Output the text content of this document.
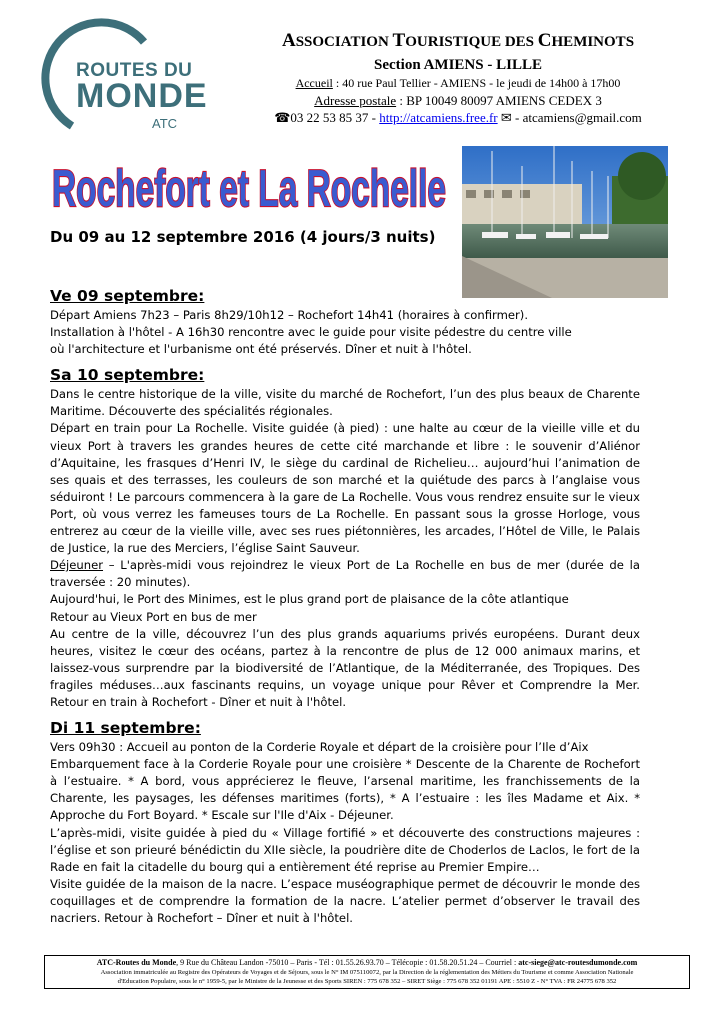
ROUTES DU
MONDE
ATC
ASSOCIATION TOURISTIQUE DES CHEMINOTS
Section AMIENS - LILLE
Accueil : 40 rue Paul Tellier - AMIENS - le jeudi de 14h00 à 17h00
Adresse postale : BP 10049 80097 AMIENS CEDEX 3
☎03 22 53 85 37 - http://atcamiens.free.fr ✉ - atcamiens@gmail.com
Rochefort et La Rochelle
Du 09 au 12 septembre 2016 (4 jours/3 nuits)
Ve 09 septembre:

Départ Amiens 7h23 – Paris 8h29/10h12 – Rochefort 14h41 (horaires à confirmer).

Installation à l'hôtel - A 16h30 rencontre avec le guide pour visite pédestre du centre ville

où l'architecture et l'urbanisme ont été préservés. Dîner et nuit à l'hôtel.

Sa 10 septembre:

Dans le centre historique de la ville, visite du marché de Rochefort, l’un des plus beaux de Charente Maritime. Découverte des spécialités régionales.

Départ en train pour La Rochelle. Visite guidée (à pied) : une halte au cœur de la vieille ville et du vieux Port à travers les grandes heures de cette cité marchande et libre : le souvenir d’Aliénor d’Aquitaine, les frasques d’Henri IV, le siège du cardinal de Richelieu… aujourd’hui l’animation de ses quais et des terrasses, les couleurs de son marché et la quiétude des parcs à l’anglaise vous séduiront ! Le parcours commencera à la gare de La Rochelle. Vous vous rendrez ensuite sur le vieux Port, où vous verrez les fameuses tours de La Rochelle. En passant sous la grosse Horloge, vous entrerez au cœur de la vieille ville, avec ses rues piétonnières, les arcades, l’Hôtel de Ville, le Palais de Justice, la rue des Merciers, l’église Saint Sauveur.

Déjeuner – L'après-midi vous rejoindrez le vieux Port de La Rochelle en bus de mer (durée de la traversée : 20 minutes).

Aujourd'hui, le Port des Minimes, est le plus grand port de plaisance de la côte atlantique

Retour au Vieux Port en bus de mer

Au centre de la ville, découvrez l’un des plus grands aquariums privés européens. Durant deux heures, visitez le cœur des océans, partez à la rencontre de plus de 12 000 animaux marins, et laissez-vous surprendre par la biodiversité de l’Atlantique, de la Méditerranée, des Tropiques. Des fragiles méduses…aux fascinants requins, un voyage unique pour Rêver et Comprendre la Mer. Retour en train à Rochefort - Dîner et nuit à l'hôtel.

Di 11 septembre:

Vers 09h30 : Accueil au ponton de la Corderie Royale et départ de la croisière pour l’Ile d’Aix

Embarquement face à la Corderie Royale pour une croisière * Descente de la Charente de Rochefort à l’estuaire. * A bord, vous apprécierez le fleuve, l’arsenal maritime, les franchissements de la Charente, les paysages, les défenses maritimes (forts), * A l’estuaire : les îles Madame et Aix. * Approche du Fort Boyard. * Escale sur l'Ile d'Aix - Déjeuner.

L’après-midi, visite guidée à pied du « Village fortifié » et découverte des constructions majeures : l’église et son prieuré bénédictin du XIIe siècle, la poudrière dite de Choderlos de Laclos, le fort de la Rade en fait la citadelle du bourg qui a entièrement été reprise au Premier Empire…

Visite guidée de la maison de la nacre. L’espace muséographique permet de découvrir le monde des coquillages et de comprendre la formation de la nacre. L’atelier permet d’observer le travail des nacriers. Retour à Rochefort – Dîner et nuit à l'hôtel.

ATC-Routes du Monde, 9 Rue du Château Landon -75010 – Paris - Tél : 01.55.26.93.70 – Télécopie : 01.58.20.51.24 – Courriel : atc-siege@atc-routesdumonde.com
Association immatriculée au Registre des Opérateurs de Voyages et de Séjours, sous le N° IM 075110072, par la Direction de la réglementation des Métiers du Tourisme et comme Association Nationale
d'Education Populaire, sous le n° 1959-5, par le Ministre de la Jeunesse et des Sports SIREN : 775 678 352 – SIRET Siège : 775 678 352 01191 APE : 5510 Z - N° TVA : FR 24775 678 352
